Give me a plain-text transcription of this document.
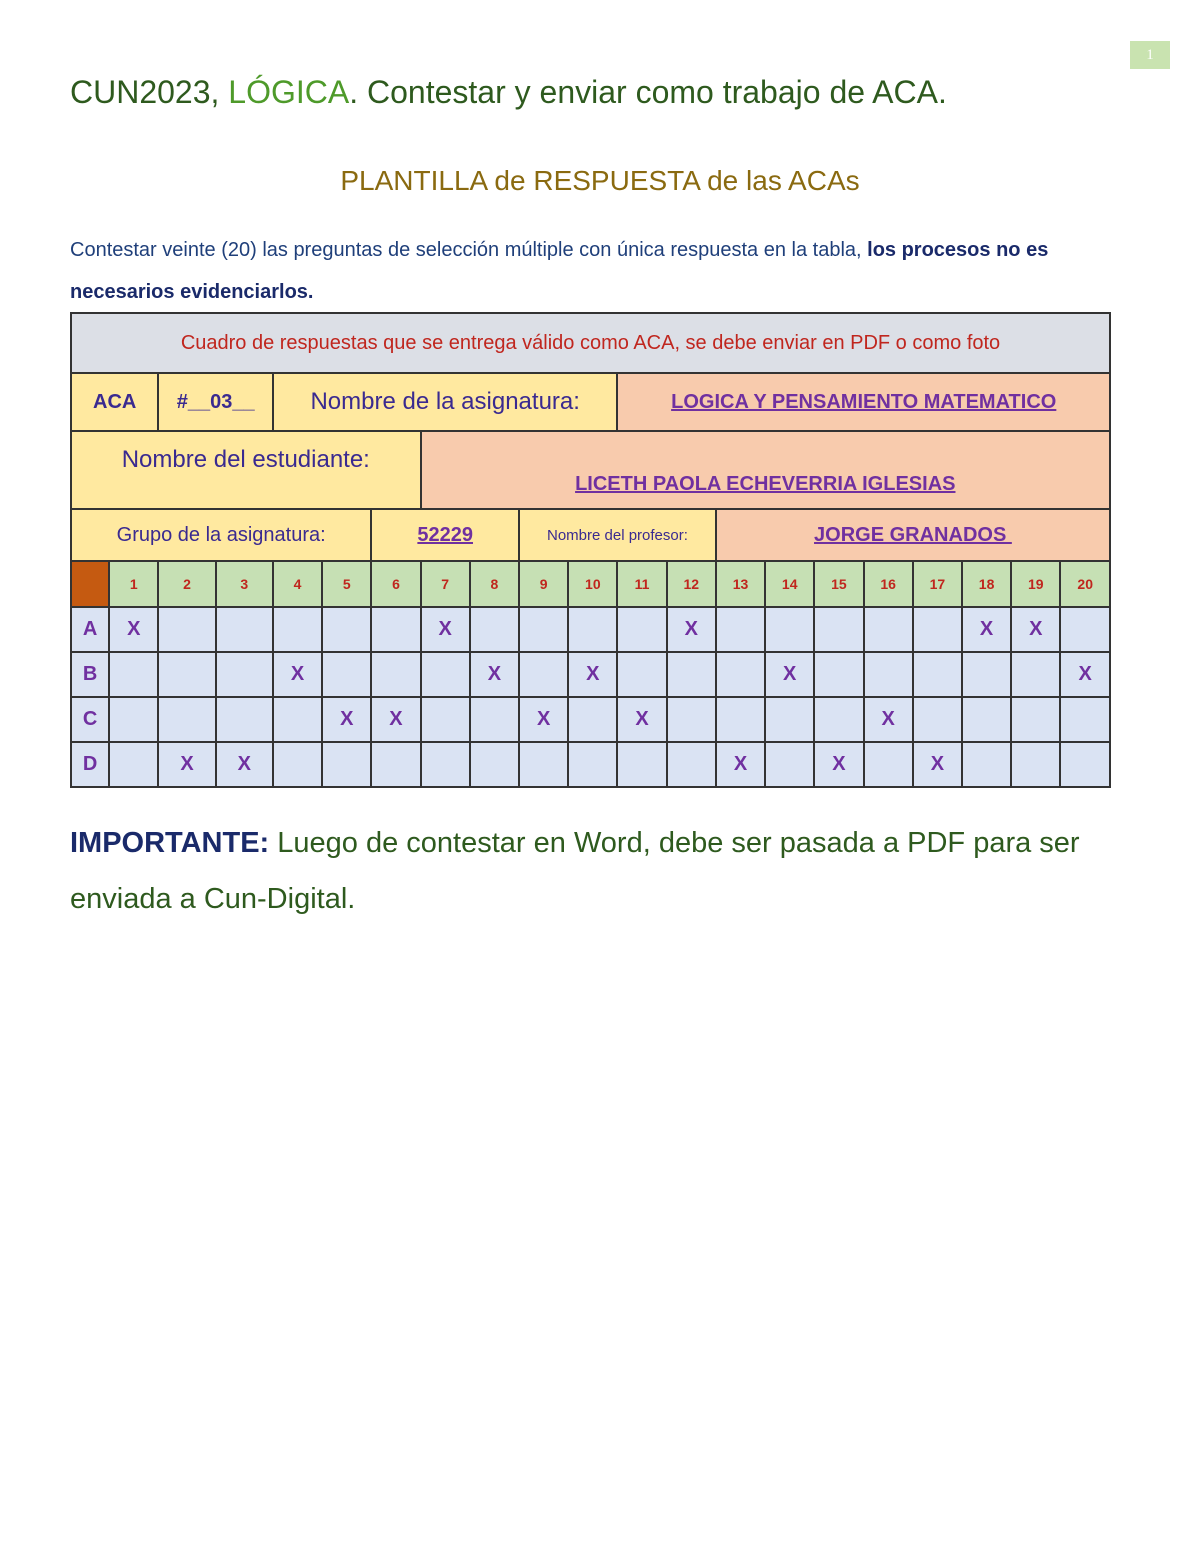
1
CUN2023, LÓGICA. Contestar y enviar como trabajo de ACA.
PLANTILLA de RESPUESTA de las ACAs
Contestar veinte (20) las preguntas de selección múltiple con única respuesta en la tabla, los procesos no es necesarios evidenciarlos.
Cuadro de respuestas que se entrega válido como ACA, se debe enviar en PDF o como foto																				
ACA		#__03__		Nombre de la asignatura:							LOGICA Y PENSAMIENTO MATEMATICO									
Nombre del estudiante:							LICETH PAOLA ECHEVERRIA IGLESIAS													
Grupo de la asignatura:						52229			Nombre del profesor:				JORGE GRANADOS							
	1	2	3	4	5	6	7	8	9	10	11	12	13	14	15	16	17	18	19	20
A	X						X					X						X	X	
B				X				X		X				X						X
C					X	X			X		X					X				
D		X	X										X		X		X			
IMPORTANTE: Luego de contestar en Word, debe ser pasada a PDF para ser enviada a Cun-Digital.
